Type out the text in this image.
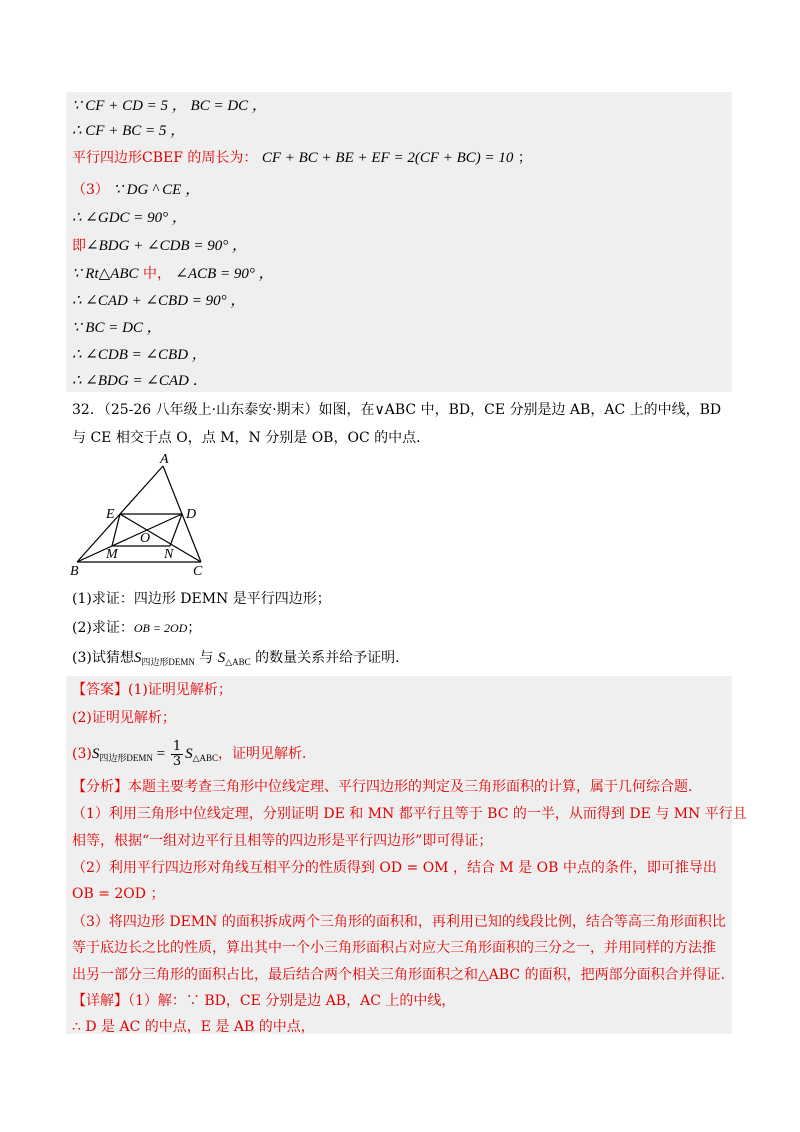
∵ CF + CD = 5 ， BC = DC ，
∴ CF + BC = 5 ，
平行四边形CBEF 的周长为： CF + BC + BE + EF = 2(CF + BC) = 10 ；
（3） ∵ DG ^ CE ，
∴ ∠GDC = 90° ，
即∠BDG + ∠CDB = 90° ，
∵ Rt△ABC 中， ∠ACB = 90° ，
∴ ∠CAD + ∠CBD = 90° ，
∵ BC = DC ，
∴ ∠CDB = ∠CBD ，
∴ ∠BDG = ∠CAD ．
32．（25-26 八年级上·山东泰安·期末）如图，在∨ABC 中，BD，CE 分别是边 AB，AC 上的中线，BD
与 CE 相交于点 O，点 M，N 分别是 OB，OC 的中点．
A
E	D
O
M	N
B	C
(1)求证：四边形 DEMN 是平行四边形；
(2)求证：OB = 2OD；
(3)试猜想$S_{四边形DEMN}$ 与 $S_{\triangle ABC}$ 的数量关系并给予证明．
【答案】(1)证明见解析；
(2)证明见解析；
$(3)S_{四边形DEMN} = \frac{1}{3} S_{\triangle ABC}$，证明见解析．
【分析】本题主要考查三角形中位线定理、平行四边形的判定及三角形面积的计算，属于几何综合题．
（1）利用三角形中位线定理，分别证明 DE 和 MN 都平行且等于 BC 的一半，从而得到 DE 与 MN 平行且
相等，根据“一组对边平行且相等的四边形是平行四边形”即可得证；
（2）利用平行四边形对角线互相平分的性质得到 OD = OM ，结合 M 是 OB 中点的条件，即可推导出
OB = 2OD ；
（3）将四边形 DEMN 的面积拆成两个三角形的面积和，再利用已知的线段比例，结合等高三角形面积比
等于底边长之比的性质，算出其中一个小三角形面积占对应大三角形面积的三分之一，并用同样的方法推
出另一部分三角形的面积占比，最后结合两个相关三角形面积之和△ABC 的面积，把两部分面积合并得证．
【详解】（1）解：∵ BD，CE 分别是边 AB，AC 上的中线，
∴ D 是 AC 的中点，E 是 AB 的中点，
